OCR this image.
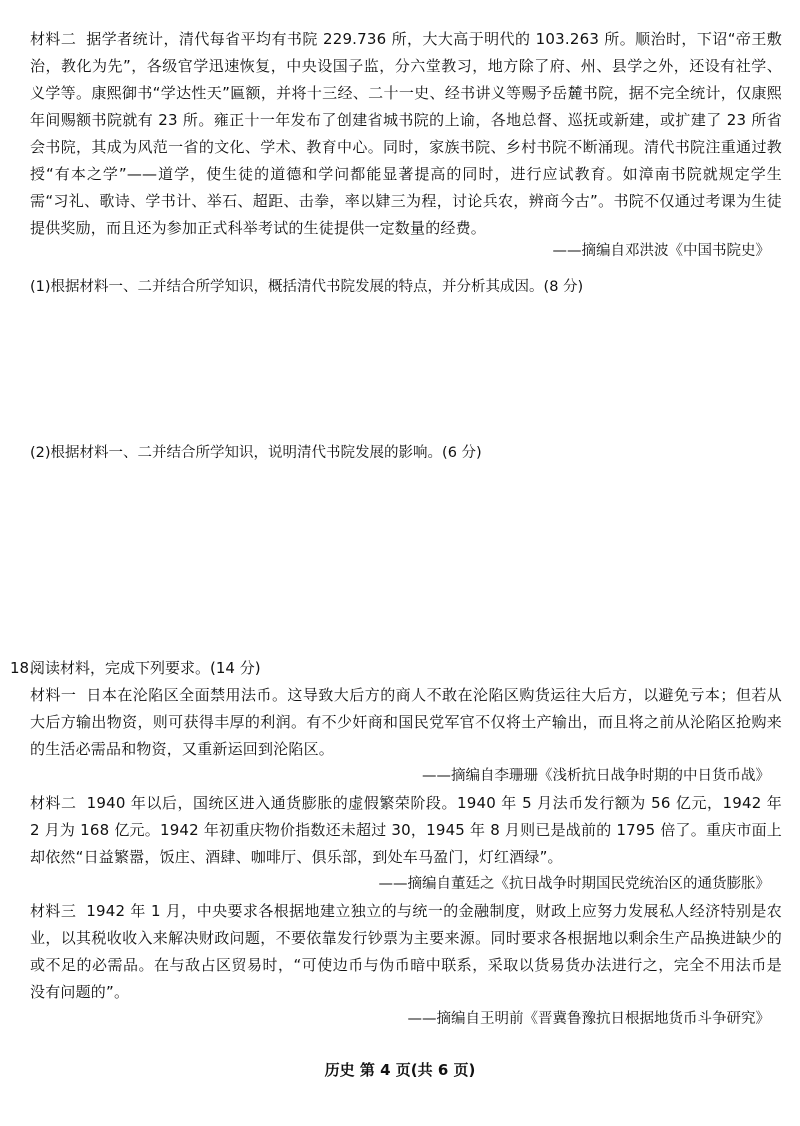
材料二 据学者统计，清代每省平均有书院 229.736 所，大大高于明代的 103.263 所。顺治时，下诏“帝王敷治，教化为先”，各级官学迅速恢复，中央设国子监，分六堂教习，地方除了府、州、县学之外，还设有社学、义学等。康熙御书“学达性天”匾额，并将十三经、二十一史、经书讲义等赐予岳麓书院，据不完全统计，仅康熙年间赐额书院就有 23 所。雍正十一年发布了创建省城书院的上谕，各地总督、巡抚或新建，或扩建了 23 所省会书院，其成为风范一省的文化、学术、教育中心。同时，家族书院、乡村书院不断涌现。清代书院注重通过教授“有本之学”——道学，使生徒的道德和学问都能显著提高的同时，进行应试教育。如漳南书院就规定学生需“习礼、歌诗、学书计、举石、超距、击拳，率以肄三为程，讨论兵农，辨商今古”。书院不仅通过考课为生徒提供奖励，而且还为参加正式科举考试的生徒提供一定数量的经费。
——摘编自邓洪波《中国书院史》
(1)根据材料一、二并结合所学知识，概括清代书院发展的特点，并分析其成因。(8 分)
(2)根据材料一、二并结合所学知识，说明清代书院发展的影响。(6 分)
18.
阅读材料，完成下列要求。(14 分)
材料一 日本在沦陷区全面禁用法币。这导致大后方的商人不敢在沦陷区购货运往大后方，以避免亏本；但若从大后方输出物资，则可获得丰厚的利润。有不少奸商和国民党军官不仅将土产输出，而且将之前从沦陷区抢购来的生活必需品和物资，又重新运回到沦陷区。
——摘编自李珊珊《浅析抗日战争时期的中日货币战》
材料二 1940 年以后，国统区进入通货膨胀的虚假繁荣阶段。1940 年 5 月法币发行额为 56 亿元，1942 年 2 月为 168 亿元。1942 年初重庆物价指数还未超过 30，1945 年 8 月则已是战前的 1795 倍了。重庆市面上却依然“日益繁嚣，饭庄、酒肆、咖啡厅、俱乐部，到处车马盈门，灯红酒绿”。
——摘编自董廷之《抗日战争时期国民党统治区的通货膨胀》
材料三 1942 年 1 月，中央要求各根据地建立独立的与统一的金融制度，财政上应努力发展私人经济特别是农业，以其税收收入来解决财政问题，不要依靠发行钞票为主要来源。同时要求各根据地以剩余生产品换进缺少的或不足的必需品。在与敌占区贸易时，“可使边币与伪币暗中联系，采取以货易货办法进行之，完全不用法币是没有问题的”。
——摘编自王明前《晋冀鲁豫抗日根据地货币斗争研究》
历史 第 4 页(共 6 页)
